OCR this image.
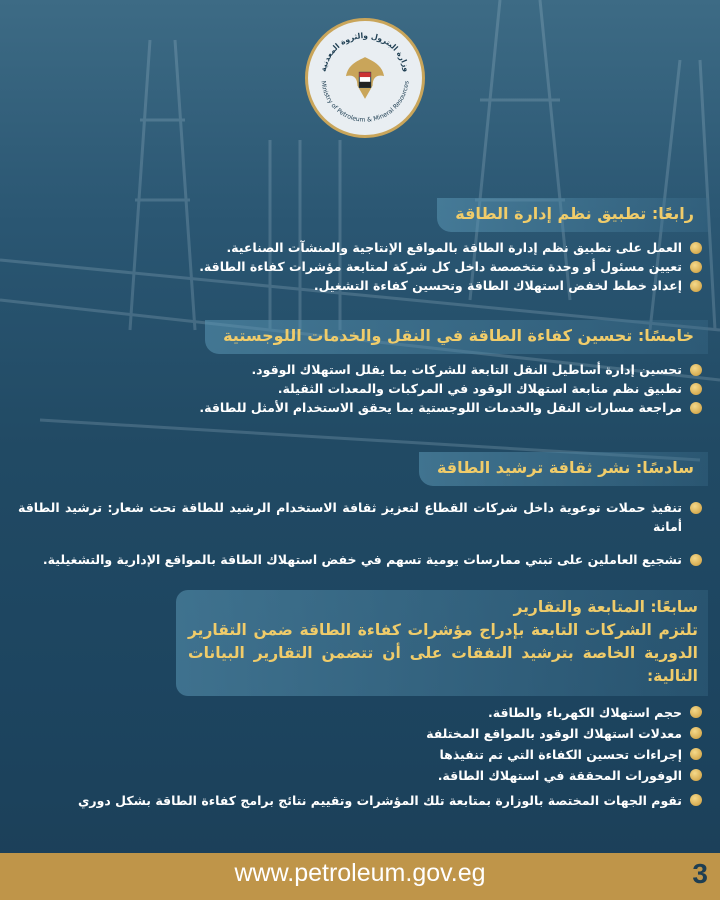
وزارة البترول والثروة المعدنية
Ministry of Petroleum & Mineral Resources
رابعًا: تطبيق نظم إدارة الطاقة
العمل على تطبيق نظم إدارة الطاقة بالمواقع الإنتاجية والمنشآت الصناعية.
تعيين مسئول أو وحدة متخصصة داخل كل شركة لمتابعة مؤشرات كفاءة الطاقة.
إعداد خطط لخفض استهلاك الطاقة وتحسين كفاءة التشغيل.
خامسًا: تحسين كفاءة الطاقة في النقل والخدمات اللوجستية
تحسين إدارة أساطيل النقل التابعة للشركات بما يقلل استهلاك الوقود.
تطبيق نظم متابعة استهلاك الوقود في المركبات والمعدات الثقيلة.
مراجعة مسارات النقل والخدمات اللوجستية بما يحقق الاستخدام الأمثل للطاقة.
سادسًا: نشر ثقافة ترشيد الطاقة
تنفيذ حملات توعوية داخل شركات القطاع لتعزيز ثقافة الاستخدام الرشيد للطاقة تحت شعار: ترشيد الطاقة أمانة
تشجيع العاملين على تبني ممارسات يومية تسهم في خفض استهلاك الطاقة بالمواقع الإدارية والتشغيلية.
سابعًا: المتابعة والتقارير
تلتزم الشركات التابعة بإدراج مؤشرات كفاءة الطاقة ضمن التقارير الدورية الخاصة بترشيد النفقات على أن تتضمن التقارير البيانات التالية:
حجم استهلاك الكهرباء والطاقة.
معدلات استهلاك الوقود بالمواقع المختلفة
إجراءات تحسين الكفاءة التي تم تنفيذها
الوفورات المحققة في استهلاك الطاقة.
تقوم الجهات المختصة بالوزارة بمتابعة تلك المؤشرات وتقييم نتائج برامج كفاءة الطاقة بشكل دوري
www.petroleum.gov.eg	3
